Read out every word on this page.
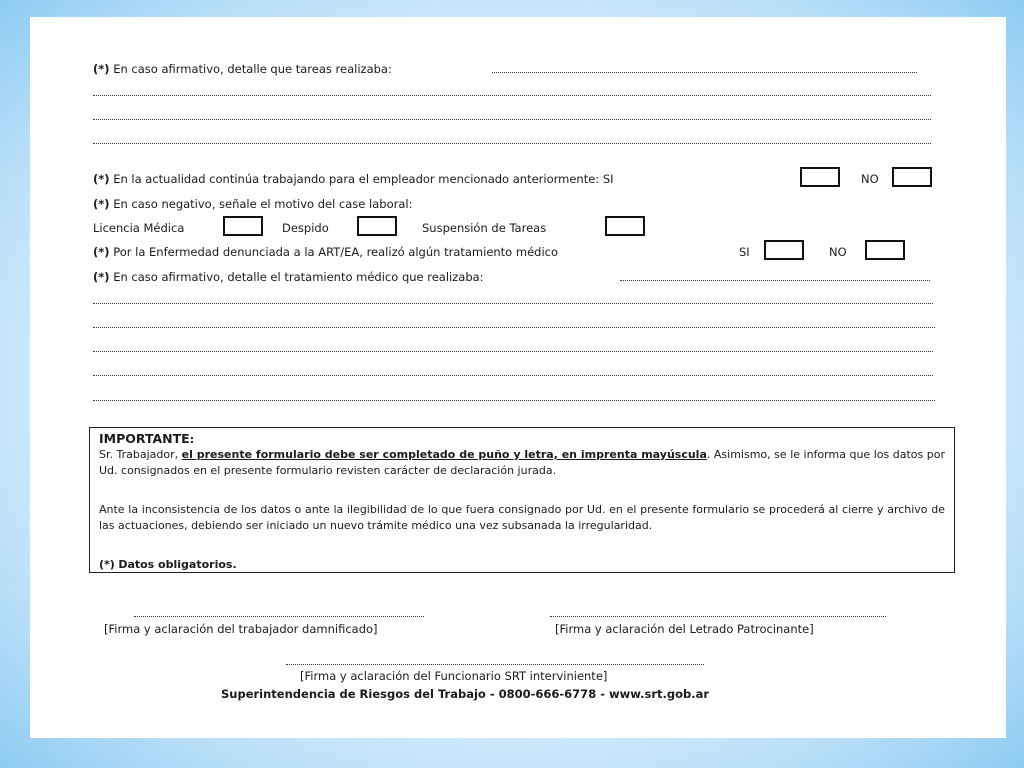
(*) En caso afirmativo, detalle que tareas realizaba:
(*) En la actualidad continúa trabajando para el empleador mencionado anteriormente: SI	NO
(*) En caso negativo, señale el motivo del case laboral:
Licencia Médica	Despido	Suspensión de Tareas
(*) Por la Enfermedad denunciada a la ART/EA, realizó algún tratamiento médico	SI	NO
(*) En caso afirmativo, detalle el tratamiento médico que realizaba:

IMPORTANTE:

Sr. Trabajador, el presente formulario debe ser completado de puño y letra, en imprenta mayúscula. Asimismo, se le informa que los datos por Ud. consignados en el presente formulario revisten carácter de declaración jurada.

Ante la inconsistencia de los datos o ante la ilegibilidad de lo que fuera consignado por Ud. en el presente formulario se procederá al cierre y archivo de las actuaciones, debiendo ser iniciado un nuevo trámite médico una vez subsanada la irregularidad.

(*) Datos obligatorios.

[Firma y aclaración del trabajador damnificado]	[Firma y aclaración del Letrado Patrocinante]
[Firma y aclaración del Funcionario SRT interviniente]
Superintendencia de Riesgos del Trabajo - 0800-666-6778 - www.srt.gob.ar
